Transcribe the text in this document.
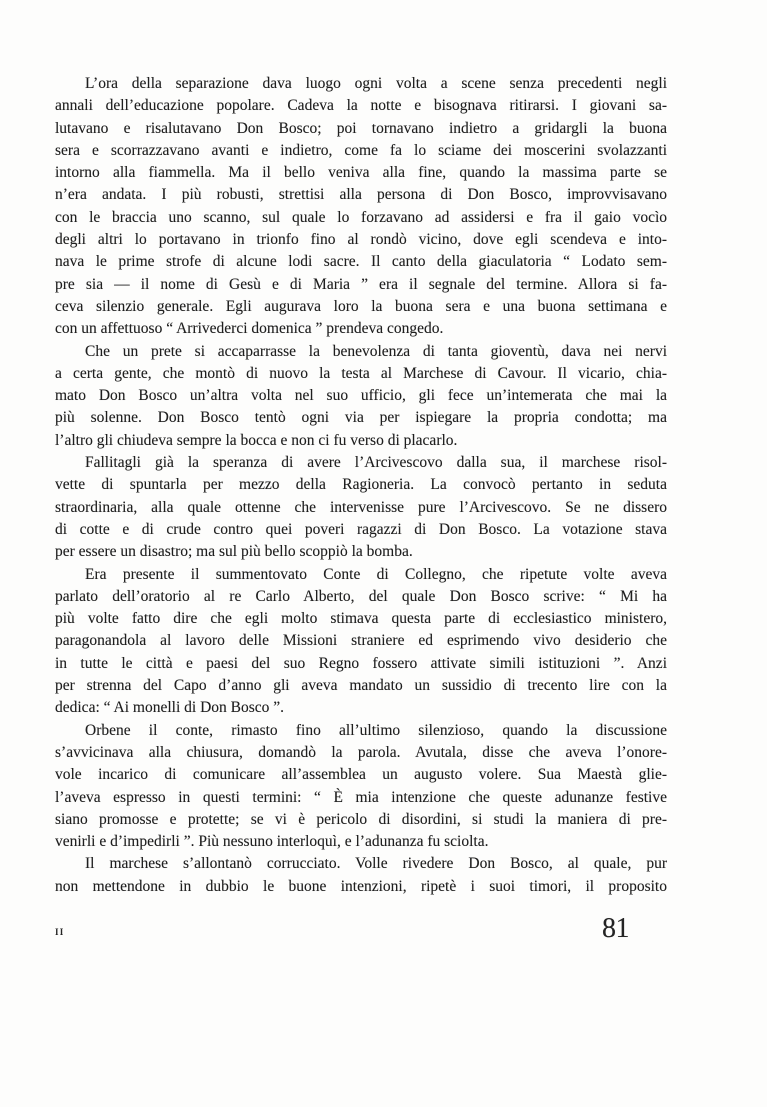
L’ora della separazione dava luogo ogni volta a scene senza precedenti negli
annali dell’educazione popolare. Cadeva la notte e bisognava ritirarsi. I giovani sa-
lutavano e risalutavano Don Bosco; poi tornavano indietro a gridargli la buona
sera e scorrazzavano avanti e indietro, come fa lo sciame dei moscerini svolazzanti
intorno alla fiammella. Ma il bello veniva alla fine, quando la massima parte se
n’era andata. I più robusti, strettisi alla persona di Don Bosco, improvvisavano
con le braccia uno scanno, sul quale lo forzavano ad assidersi e fra il gaio vocìo
degli altri lo portavano in trionfo fino al rondò vicino, dove egli scendeva e into-
nava le prime strofe di alcune lodi sacre. Il canto della giaculatoria “ Lodato sem-
pre sia — il nome di Gesù e di Maria ” era il segnale del termine. Allora si fa-
ceva silenzio generale. Egli augurava loro la buona sera e una buona settimana e
con un affettuoso “ Arrivederci domenica ” prendeva congedo.
Che un prete si accaparrasse la benevolenza di tanta gioventù, dava nei nervi
a certa gente, che montò di nuovo la testa al Marchese di Cavour. Il vicario, chia-
mato Don Bosco un’altra volta nel suo ufficio, gli fece un’intemerata che mai la
più solenne. Don Bosco tentò ogni via per ispiegare la propria condotta; ma
l’altro gli chiudeva sempre la bocca e non ci fu verso di placarlo.
Fallitagli già la speranza di avere l’Arcivescovo dalla sua, il marchese risol-
vette di spuntarla per mezzo della Ragioneria. La convocò pertanto in seduta
straordinaria, alla quale ottenne che intervenisse pure l’Arcivescovo. Se ne dissero
di cotte e di crude contro quei poveri ragazzi di Don Bosco. La votazione stava
per essere un disastro; ma sul più bello scoppiò la bomba.
Era presente il summentovato Conte di Collegno, che ripetute volte aveva
parlato dell’oratorio al re Carlo Alberto, del quale Don Bosco scrive: “ Mi ha
più volte fatto dire che egli molto stimava questa parte di ecclesiastico ministero,
paragonandola al lavoro delle Missioni straniere ed esprimendo vivo desiderio che
in tutte le città e paesi del suo Regno fossero attivate simili istituzioni ”. Anzi
per strenna del Capo d’anno gli aveva mandato un sussidio di trecento lire con la
dedica: “ Ai monelli di Don Bosco ”.
Orbene il conte, rimasto fino all’ultimo silenzioso, quando la discussione
s’avvicinava alla chiusura, domandò la parola. Avutala, disse che aveva l’onore-
vole incarico di comunicare all’assemblea un augusto volere. Sua Maestà glie-
l’aveva espresso in questi termini: “ È mia intenzione che queste adunanze festive
siano promosse e protette; se vi è pericolo di disordini, si studi la maniera di pre-
venirli e d’impedirli ”. Più nessuno interloquì, e l’adunanza fu sciolta.
Il marchese s’allontanò corrucciato. Volle rivedere Don Bosco, al quale, pur
non mettendone in dubbio le buone intenzioni, ripetè i suoi timori, il proposito
II	81
